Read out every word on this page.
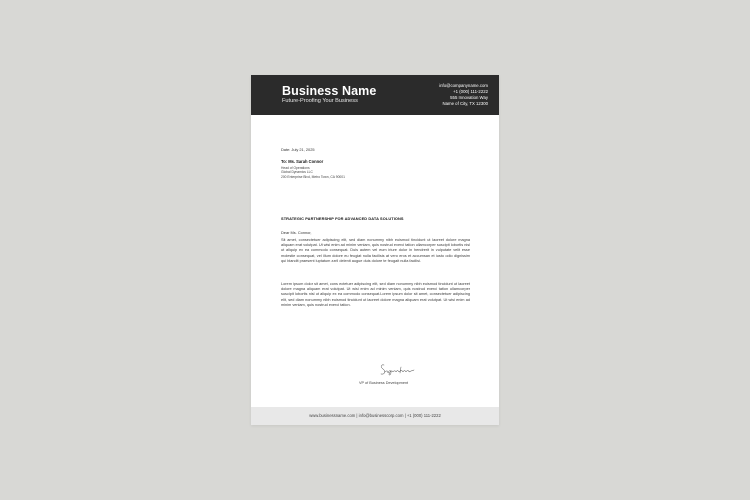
Business Name
Future-Proofing Your Business
info@companyname.com
+1 (000) 111-2222
555 Innovation Way
Name of City, TX 12300
Date: July 21, 2025
To: Ms. Sarah Connor
Head of Operations
Global Dynamics LLC
200 Enterprise Blvd, Metro Town, CA 90001
STRATEGIC PARTNERSHIP FOR ADVANCED DATA SOLUTIONS
Dear Ms. Connor,
Sit amet, consectetuer adipiscing elit, sed diam nonummy nibh euismod tincidunt ut laoreet dolore magna aliquam erat volutpat. Ut wisi enim ad minim veniam, quis nostrud exerci tation ullamcorper suscipit lobortis nisl ut aliquip ex ea commodo consequat. Duis autem vel eum iriure dolor in hendrerit in vulputate velit esse molestie consequat, vel illum dolore eu feugiat nulla facilisis at vero eros et accumsan et iusto odio dignissim qui blandit praesent luptatum zzril delenit augue duis dolore te feugait nulla facilisi.
Lorem ipsum dolor sit amet, cons ectetuer adipiscing elit, sed diam nonummy nibh euismod tincidunt ut laoreet dolore magna aliquam erat volutpat. Ut wisi enim ad minim veniam, quis nostrud exerci tation ullamcorper suscipit lobortis nisl ut aliquip ex ea commodo consequat.Lorem ipsum dolor sit amet, consectetuer adipiscing elit, sed diam nonummy nibh euismod tincidunt ut laoreet dolore magna aliquam erat volutpat. Ut wisi enim ad minim veniam, quis nostrud exerci tation.
VP of Business Development
www.businessname.com | info@businesscorp.com | +1 (000) 111-2222
